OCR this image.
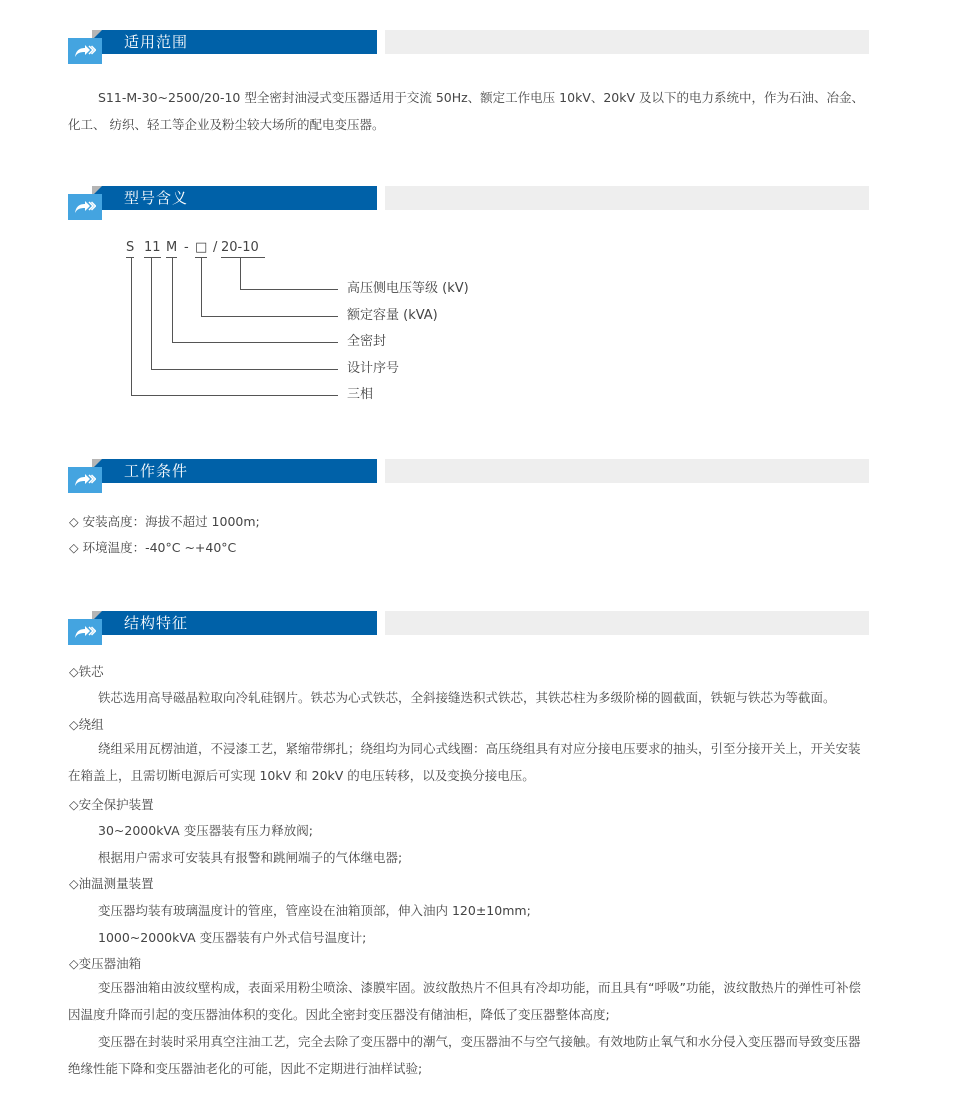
适用范围
S11-M-30~2500/20-10 型全密封油浸式变压器适用于交流 50Hz、额定工作电压 10kV、20kV 及以下的电力系统中，作为石油、冶金、化工、 纺织、轻工等企业及粉尘较大场所的配电变压器。
型号含义
S 11 M - □ / 20-10
高压侧电压等级 (kV)
额定容量 (kVA)
全密封
设计序号
三相
工作条件
◇ 安装高度：海拔不超过 1000m;
◇ 环境温度：-40°C ~+40°C
结构特征
◇铁芯
铁芯选用高导磁晶粒取向冷轧硅钢片。铁芯为心式铁芯，全斜接缝迭积式铁芯，其铁芯柱为多级阶梯的圆截面，铁轭与铁芯为等截面。
◇绕组
绕组采用瓦楞油道，不浸漆工艺，紧缩带绑扎；绕组均为同心式线圈：高压绕组具有对应分接电压要求的抽头，引至分接开关上，开关安装在箱盖上，且需切断电源后可实现 10kV 和 20kV 的电压转移，以及变换分接电压。
◇安全保护装置
30~2000kVA 变压器装有压力释放阀;
根据用户需求可安装具有报警和跳闸端子的气体继电器;
◇油温测量装置
变压器均装有玻璃温度计的管座，管座设在油箱顶部，伸入油内 120±10mm;
1000~2000kVA 变压器装有户外式信号温度计;
◇变压器油箱
变压器油箱由波纹壁构成，表面采用粉尘喷涂、漆膜牢固。波纹散热片不但具有冷却功能，而且具有“呼吸”功能，波纹散热片的弹性可补偿因温度升降而引起的变压器油体积的变化。因此全密封变压器没有储油柜，降低了变压器整体高度;
变压器在封装时采用真空注油工艺，完全去除了变压器中的潮气，变压器油不与空气接触。有效地防止氧气和水分侵入变压器而导致变压器绝缘性能下降和变压器油老化的可能，因此不定期进行油样试验;
